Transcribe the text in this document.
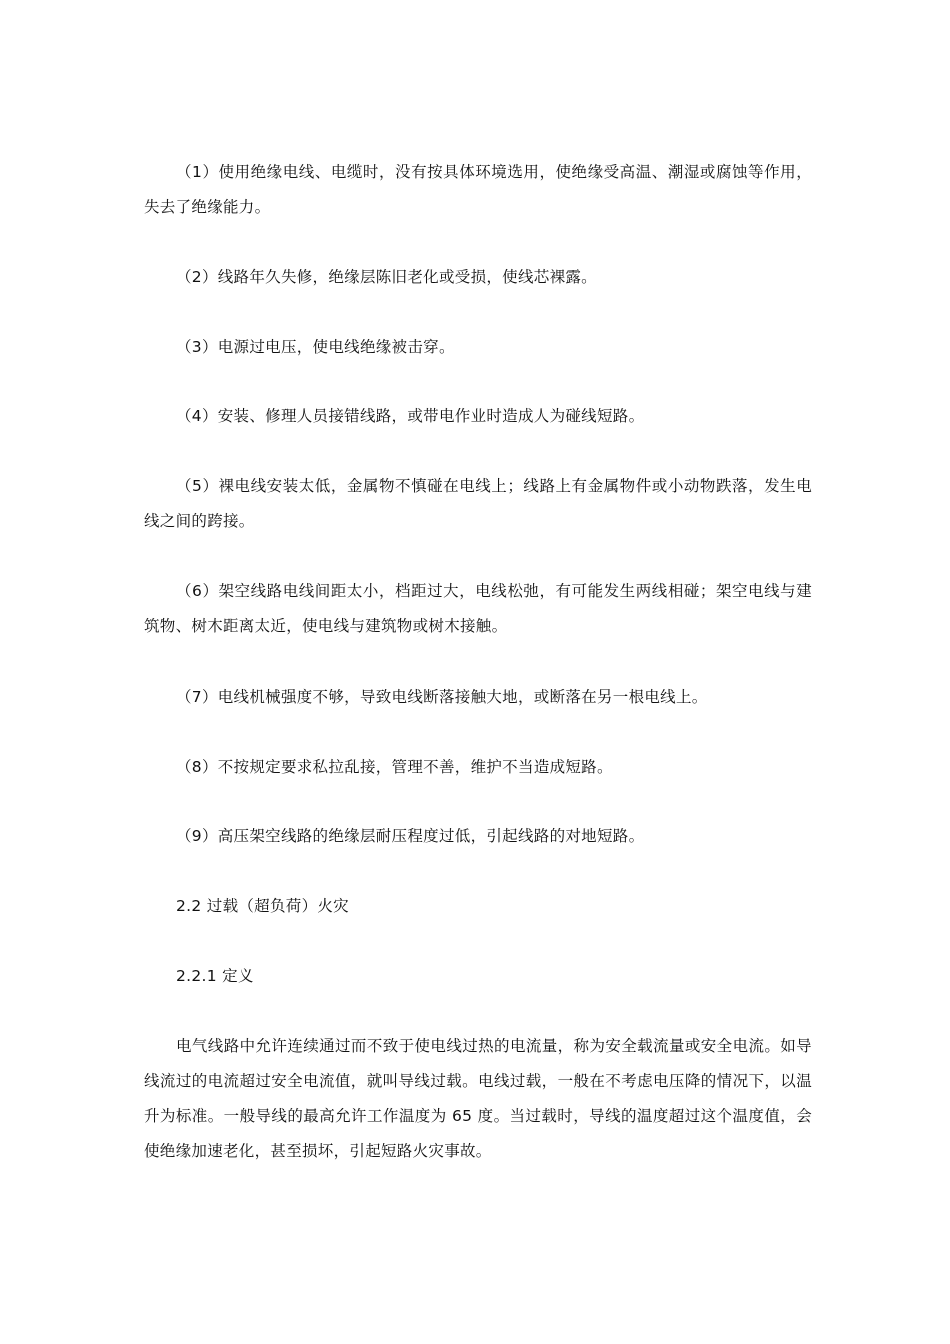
（1）使用绝缘电线、电缆时，没有按具体环境选用，使绝缘受高温、潮湿或腐蚀等作用，失去了绝缘能力。

（2）线路年久失修，绝缘层陈旧老化或受损，使线芯裸露。

（3）电源过电压，使电线绝缘被击穿。

（4）安装、修理人员接错线路，或带电作业时造成人为碰线短路。

（5）裸电线安装太低，金属物不慎碰在电线上；线路上有金属物件或小动物跌落，发生电线之间的跨接。

（6）架空线路电线间距太小，档距过大，电线松弛，有可能发生两线相碰；架空电线与建筑物、树木距离太近，使电线与建筑物或树木接触。

（7）电线机械强度不够，导致电线断落接触大地，或断落在另一根电线上。

（8）不按规定要求私拉乱接，管理不善，维护不当造成短路。

（9）高压架空线路的绝缘层耐压程度过低，引起线路的对地短路。

2.2 过载（超负荷）火灾

2.2.1 定义

电气线路中允许连续通过而不致于使电线过热的电流量，称为安全载流量或安全电流。如导线流过的电流超过安全电流值，就叫导线过载。电线过载，一般在不考虑电压降的情况下，以温升为标准。一般导线的最高允许工作温度为 65 度。当过载时，导线的温度超过这个温度值，会使绝缘加速老化，甚至损坏，引起短路火灾事故。
